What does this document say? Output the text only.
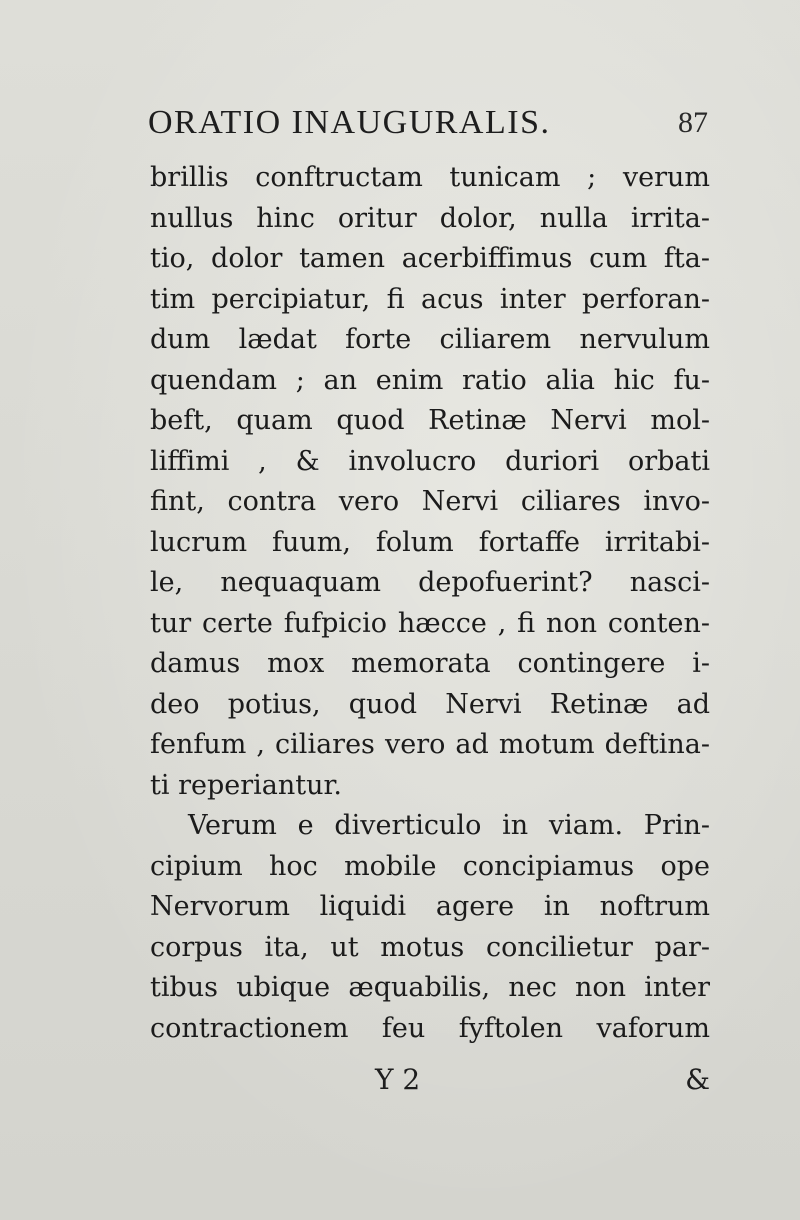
ORATIO INAUGURALIS.	87
brillis conftructam tunicam ; verum
nullus hinc oritur dolor, nulla irrita-
tio, dolor tamen acerbiffimus cum fta-
tim percipiatur, fi acus inter perforan-
dum lædat forte ciliarem nervulum
quendam ; an enim ratio alia hic fu-
beft, quam quod Retinæ Nervi mol-
liffimi , & involucro duriori orbati
fint, contra vero Nervi ciliares invo-
lucrum fuum, folum fortaffe irritabi-
le, nequaquam depofuerint? nasci-
tur certe fufpicio hæcce , fi non conten-
damus mox memorata contingere i-
deo potius, quod Nervi Retinæ ad
fenfum , ciliares vero ad motum deftina-
ti reperiantur.
Verum e diverticulo in viam. Prin-
cipium hoc mobile concipiamus ope
Nervorum liquidi agere in noftrum
corpus ita, ut motus concilietur par-
tibus ubique æquabilis, nec non inter
contractionem feu fyftolen vaforum
Y 2	&
